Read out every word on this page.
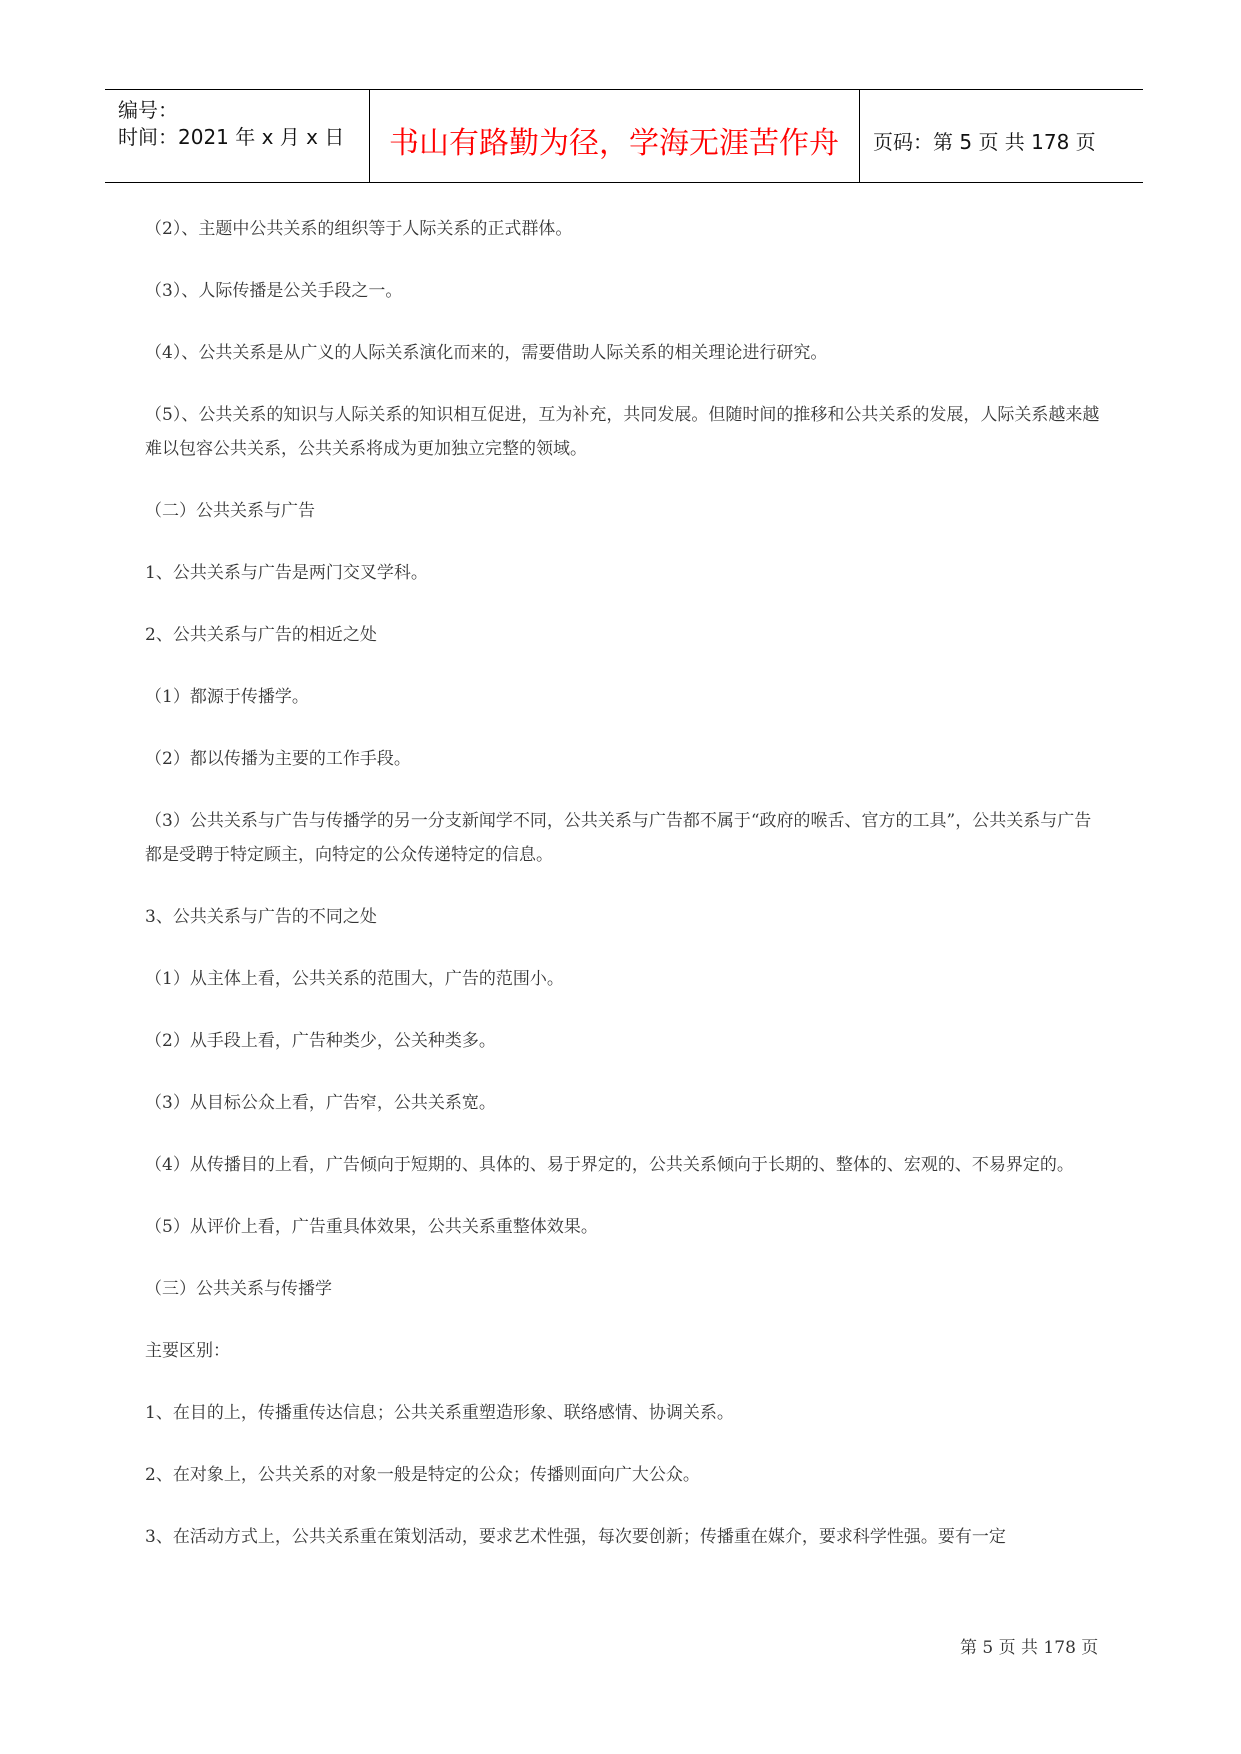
编号：
时间：2021 年 x 月 x 日	书山有路勤为径，学海无涯苦作舟	页码：第 5 页 共 178 页

（2）、主题中公共关系的组织等于人际关系的正式群体。

（3）、人际传播是公关手段之一。

（4）、公共关系是从广义的人际关系演化而来的，需要借助人际关系的相关理论进行研究。

（5）、公共关系的知识与人际关系的知识相互促进，互为补充，共同发展。但随时间的推移和公共关系的发展，人际关系越来越难以包容公共关系，公共关系将成为更加独立完整的领域。

（二）公共关系与广告

1、公共关系与广告是两门交叉学科。

2、公共关系与广告的相近之处

（1）都源于传播学。

（2）都以传播为主要的工作手段。

（3）公共关系与广告与传播学的另一分支新闻学不同，公共关系与广告都不属于“政府的喉舌、官方的工具”，公共关系与广告都是受聘于特定顾主，向特定的公众传递特定的信息。

3、公共关系与广告的不同之处

（1）从主体上看，公共关系的范围大，广告的范围小。

（2）从手段上看，广告种类少，公关种类多。

（3）从目标公众上看，广告窄，公共关系宽。

（4）从传播目的上看，广告倾向于短期的、具体的、易于界定的，公共关系倾向于长期的、整体的、宏观的、不易界定的。

（5）从评价上看，广告重具体效果，公共关系重整体效果。

（三）公共关系与传播学

主要区别：

1、在目的上，传播重传达信息；公共关系重塑造形象、联络感情、协调关系。

2、在对象上，公共关系的对象一般是特定的公众；传播则面向广大公众。

3、在活动方式上，公共关系重在策划活动，要求艺术性强，每次要创新；传播重在媒介，要求科学性强。要有一定

第 5 页 共 178 页
